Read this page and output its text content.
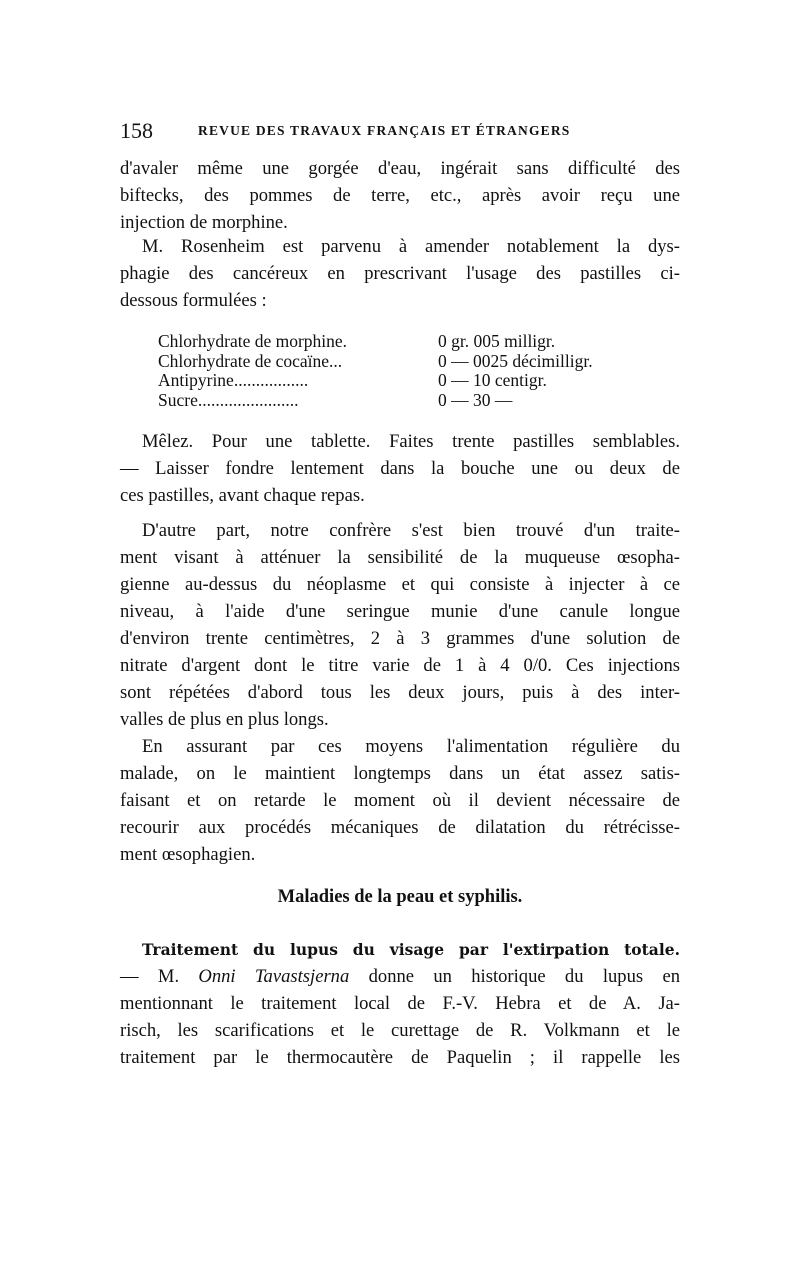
158	REVUE DES TRAVAUX FRANÇAIS ET ÉTRANGERS
d'avaler même une gorgée d'eau, ingérait sans difficulté des
biftecks, des pommes de terre, etc., après avoir reçu une
injection de morphine.
M. Rosenheim est parvenu à amender notablement la dys-
phagie des cancéreux en prescrivant l'usage des pastilles ci-
dessous formulées :
Chlorhydrate de morphine.	0 gr. 005 milligr.
Chlorhydrate de cocaïne...	0 — 0025 décimilligr.
Antipyrine.................	0 — 10 centigr.
Sucre.......................	0 — 30 —
Mêlez. Pour une tablette. Faites trente pastilles semblables.
— Laisser fondre lentement dans la bouche une ou deux de
ces pastilles, avant chaque repas.
D'autre part, notre confrère s'est bien trouvé d'un traite-
ment visant à atténuer la sensibilité de la muqueuse œsopha-
gienne au-dessus du néoplasme et qui consiste à injecter à ce
niveau, à l'aide d'une seringue munie d'une canule longue
d'environ trente centimètres, 2 à 3 grammes d'une solution de
nitrate d'argent dont le titre varie de 1 à 4 0/0. Ces injections
sont répétées d'abord tous les deux jours, puis à des inter-
valles de plus en plus longs.
En assurant par ces moyens l'alimentation régulière du
malade, on le maintient longtemps dans un état assez satis-
faisant et on retarde le moment où il devient nécessaire de
recourir aux procédés mécaniques de dilatation du rétrécisse-
ment œsophagien.
Maladies de la peau et syphilis.
Traitement du lupus du visage par l'extirpation totale.
— M. Onni Tavastsjerna donne un historique du lupus en
mentionnant le traitement local de F.-V. Hebra et de A. Ja-
risch, les scarifications et le curettage de R. Volkmann et le
traitement par le thermocautère de Paquelin ; il rappelle les
